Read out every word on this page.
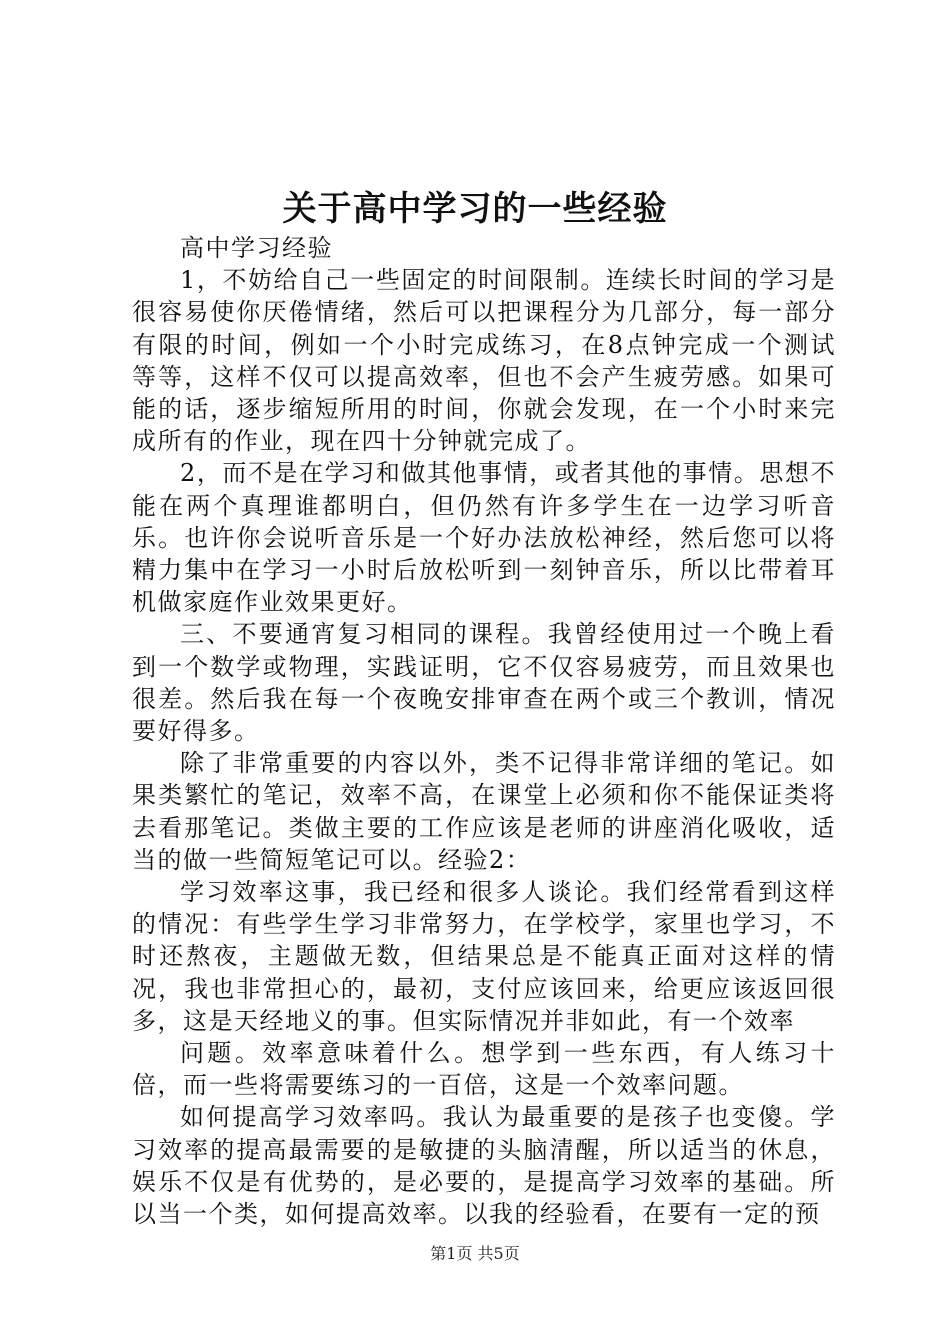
关于高中学习的一些经验

高中学习经验

1，不妨给自己一些固定的时间限制。连续长时间的学习是很容易使你厌倦情绪，然后可以把课程分为几部分，每一部分有限的时间，例如一个小时完成练习，在8点钟完成一个测试等等，这样不仅可以提高效率，但也不会产生疲劳感。如果可能的话，逐步缩短所用的时间，你就会发现，在一个小时来完成所有的作业，现在四十分钟就完成了。

2，而不是在学习和做其他事情，或者其他的事情。思想不能在两个真理谁都明白，但仍然有许多学生在一边学习听音乐。也许你会说听音乐是一个好办法放松神经，然后您可以将精力集中在学习一小时后放松听到一刻钟音乐，所以比带着耳机做家庭作业效果更好。

三、不要通宵复习相同的课程。我曾经使用过一个晚上看到一个数学或物理，实践证明，它不仅容易疲劳，而且效果也很差。然后我在每一个夜晚安排审查在两个或三个教训，情况要好得多。

除了非常重要的内容以外，类不记得非常详细的笔记。如果类繁忙的笔记，效率不高，在课堂上必须和你不能保证类将去看那笔记。类做主要的工作应该是老师的讲座消化吸收，适当的做一些简短笔记可以。经验2：

学习效率这事，我已经和很多人谈论。我们经常看到这样的情况：有些学生学习非常努力，在学校学，家里也学习，不时还熬夜，主题做无数，但结果总是不能真正面对这样的情况，我也非常担心的，最初，支付应该回来，给更应该返回很多，这是天经地义的事。但实际情况并非如此，有一个效率

问题。效率意味着什么。想学到一些东西，有人练习十倍，而一些将需要练习的一百倍，这是一个效率问题。

如何提高学习效率吗。我认为最重要的是孩子也变傻。学习效率的提高最需要的是敏捷的头脑清醒，所以适当的休息，娱乐不仅是有优势的，是必要的，是提高学习效率的基础。所以当一个类，如何提高效率。以我的经验看，在要有一定的预

第1页 共5页
